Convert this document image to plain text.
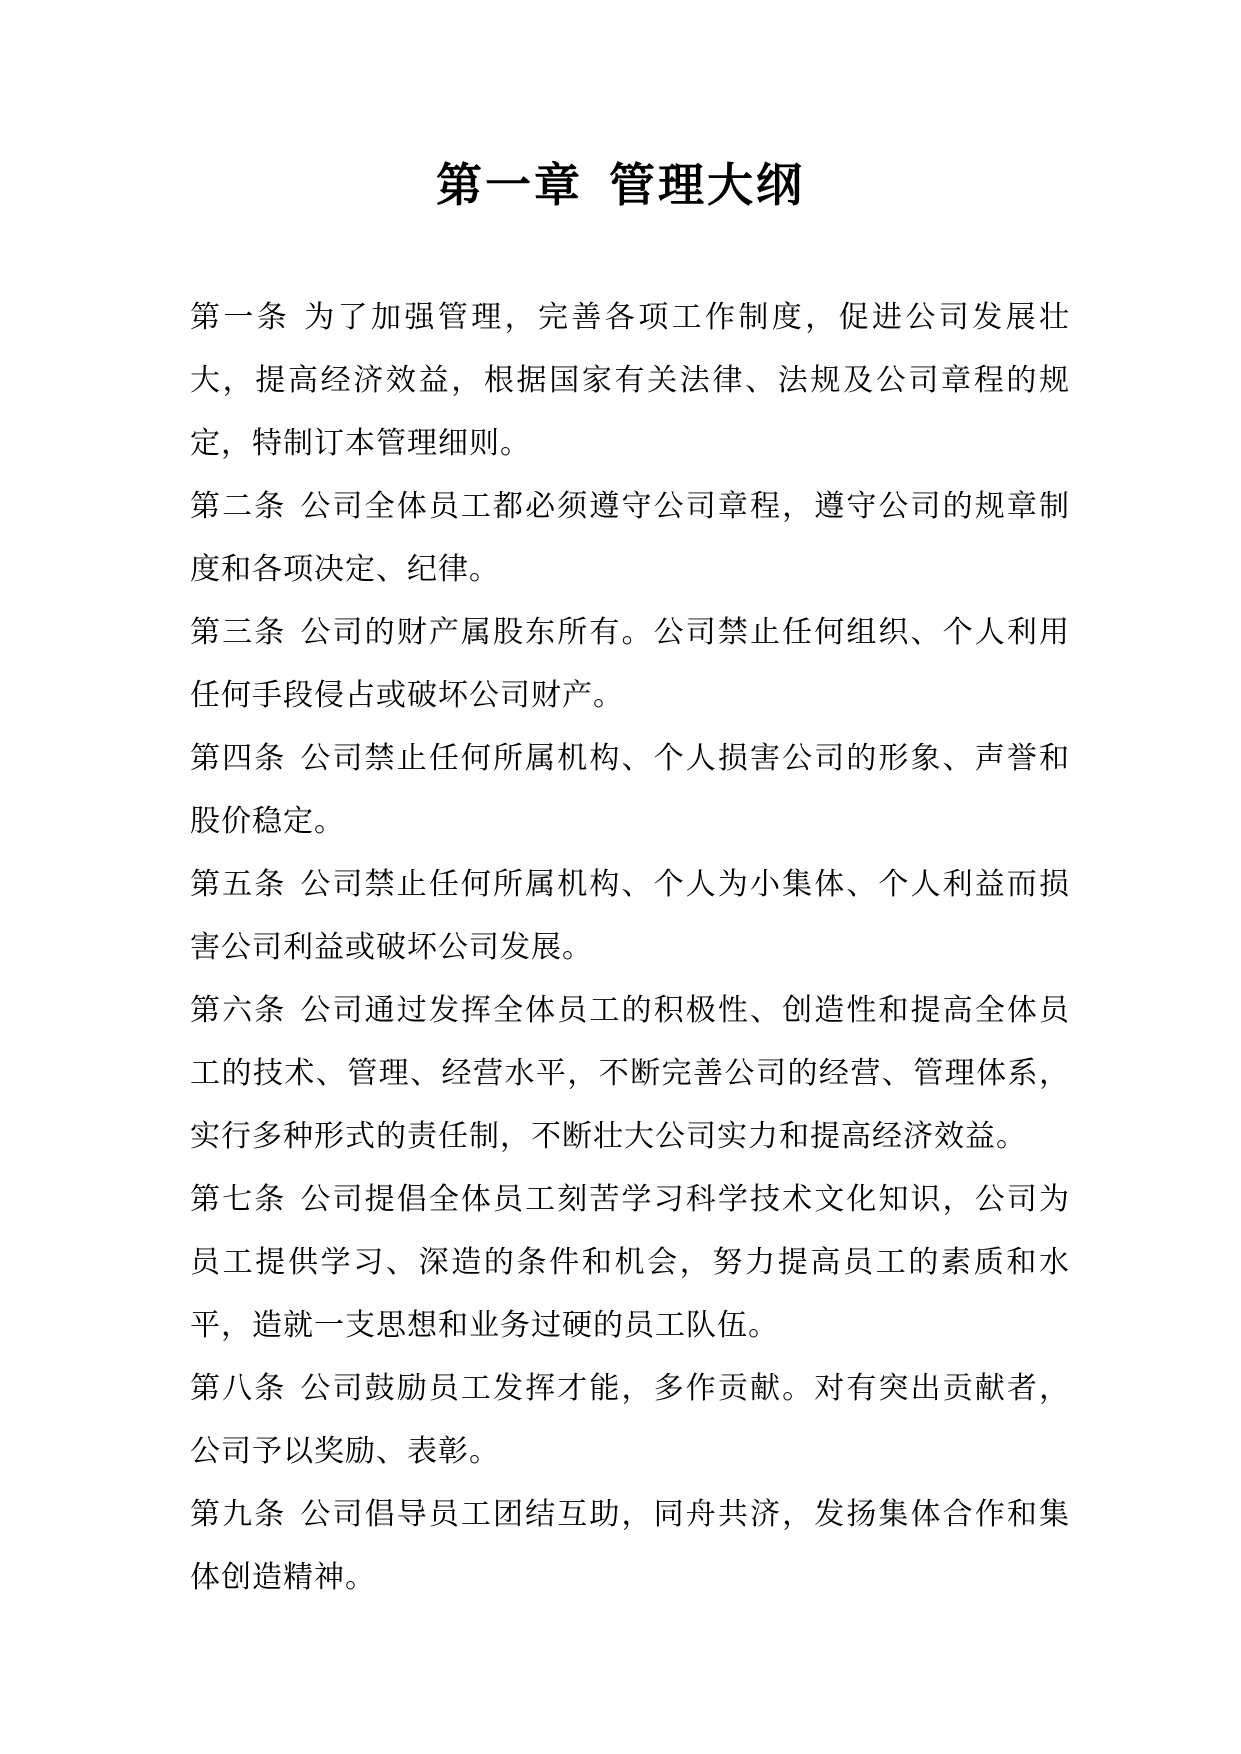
第一章 管理大纲

第一条 为了加强管理，完善各项工作制度，促进公司发展壮大，提高经济效益，根据国家有关法律、法规及公司章程的规定，特制订本管理细则。

第二条 公司全体员工都必须遵守公司章程，遵守公司的规章制度和各项决定、纪律。

第三条 公司的财产属股东所有。公司禁止任何组织、个人利用任何手段侵占或破坏公司财产。

第四条 公司禁止任何所属机构、个人损害公司的形象、声誉和股价稳定。

第五条 公司禁止任何所属机构、个人为小集体、个人利益而损害公司利益或破坏公司发展。

第六条 公司通过发挥全体员工的积极性、创造性和提高全体员工的技术、管理、经营水平，不断完善公司的经营、管理体系，实行多种形式的责任制，不断壮大公司实力和提高经济效益。

第七条 公司提倡全体员工刻苦学习科学技术文化知识，公司为员工提供学习、深造的条件和机会，努力提高员工的素质和水平，造就一支思想和业务过硬的员工队伍。

第八条 公司鼓励员工发挥才能，多作贡献。对有突出贡献者，公司予以奖励、表彰。

第九条 公司倡导员工团结互助，同舟共济，发扬集体合作和集体创造精神。
